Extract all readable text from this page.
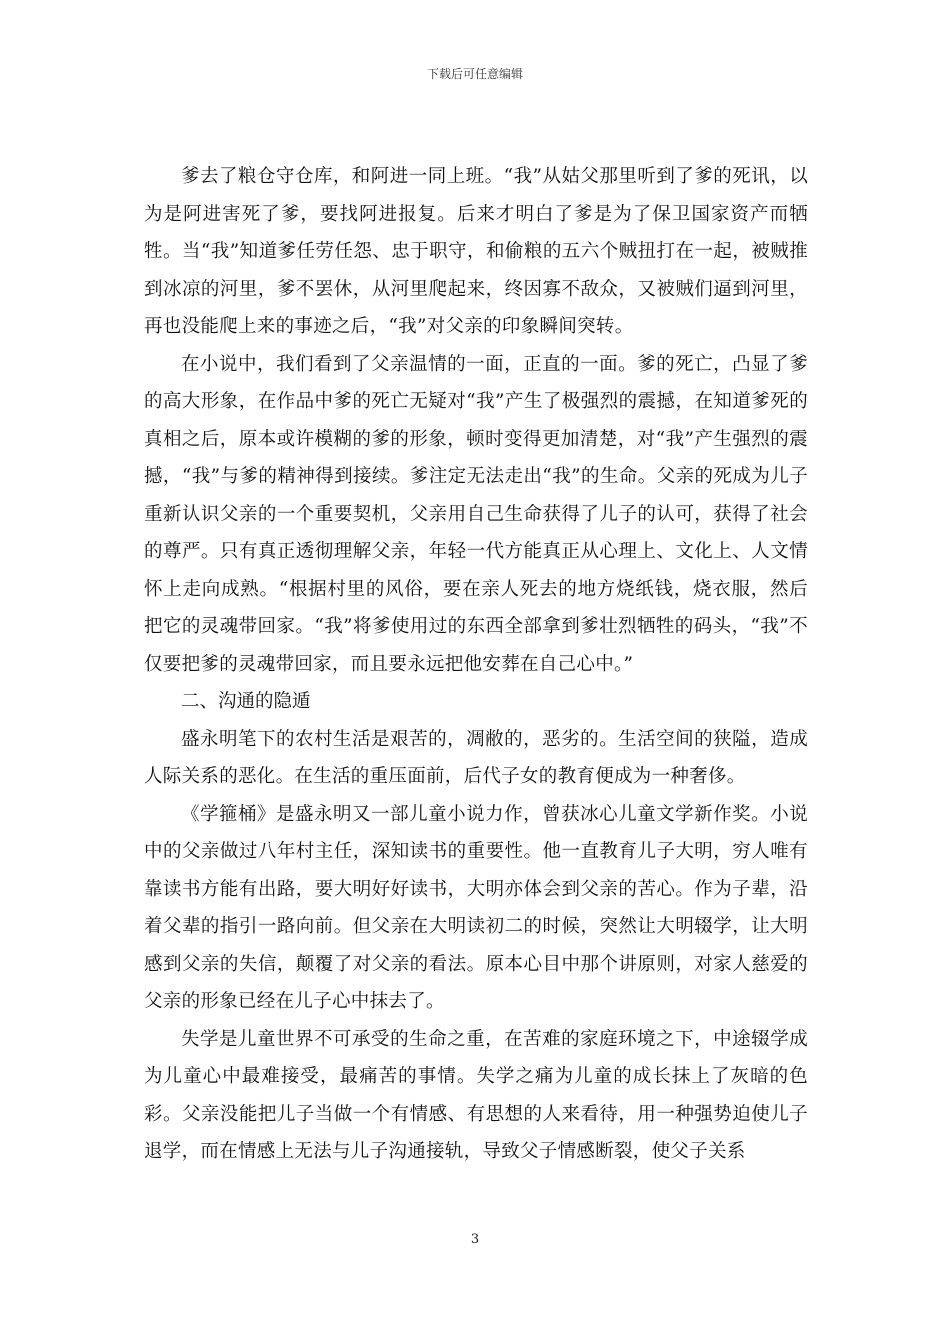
下载后可任意编辑

爹去了粮仓守仓库，和阿进一同上班。“我”从姑父那里听到了爹的死讯，以为是阿进害死了爹，要找阿进报复。后来才明白了爹是为了保卫国家资产而牺牲。当“我”知道爹任劳任怨、忠于职守，和偷粮的五六个贼扭打在一起，被贼推到冰凉的河里，爹不罢休，从河里爬起来，终因寡不敌众，又被贼们逼到河里，再也没能爬上来的事迹之后，“我”对父亲的印象瞬间突转。

在小说中，我们看到了父亲温情的一面，正直的一面。爹的死亡，凸显了爹的高大形象，在作品中爹的死亡无疑对“我”产生了极强烈的震撼，在知道爹死的真相之后，原本或许模糊的爹的形象，顿时变得更加清楚，对“我”产生强烈的震撼，“我”与爹的精神得到接续。爹注定无法走出“我”的生命。父亲的死成为儿子重新认识父亲的一个重要契机，父亲用自己生命获得了儿子的认可，获得了社会的尊严。只有真正透彻理解父亲，年轻一代方能真正从心理上、文化上、人文情怀上走向成熟。“根据村里的风俗，要在亲人死去的地方烧纸钱，烧衣服，然后把它的灵魂带回家。“我”将爹使用过的东西全部拿到爹壮烈牺牲的码头，“我”不仅要把爹的灵魂带回家，而且要永远把他安葬在自己心中。”

二、沟通的隐遁

盛永明笔下的农村生活是艰苦的，凋敝的，恶劣的。生活空间的狭隘，造成人际关系的恶化。在生活的重压面前，后代子女的教育便成为一种奢侈。

《学箍桶》是盛永明又一部儿童小说力作，曾获冰心儿童文学新作奖。小说中的父亲做过八年村主任，深知读书的重要性。他一直教育儿子大明，穷人唯有靠读书方能有出路，要大明好好读书，大明亦体会到父亲的苦心。作为子辈，沿着父辈的指引一路向前。但父亲在大明读初二的时候，突然让大明辍学，让大明感到父亲的失信，颠覆了对父亲的看法。原本心目中那个讲原则，对家人慈爱的父亲的形象已经在儿子心中抹去了。

失学是儿童世界不可承受的生命之重，在苦难的家庭环境之下，中途辍学成为儿童心中最难接受，最痛苦的事情。失学之痛为儿童的成长抹上了灰暗的色彩。父亲没能把儿子当做一个有情感、有思想的人来看待，用一种强势迫使儿子退学，而在情感上无法与儿子沟通接轨，导致父子情感断裂，使父子关系

3
